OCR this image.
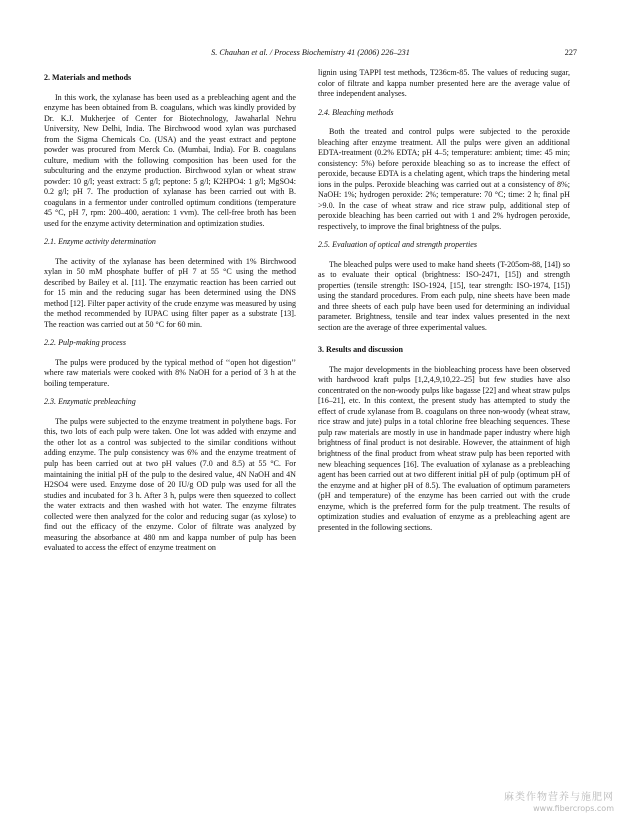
S. Chauhan et al. / Process Biochemistry 41 (2006) 226–231	227
2. Materials and methods

In this work, the xylanase has been used as a prebleaching agent and the enzyme has been obtained from B. coagulans, which was kindly provided by Dr. K.J. Mukherjee of Center for Biotechnology, Jawaharlal Nehru University, New Delhi, India. The Birchwood wood xylan was purchased from the Sigma Chemicals Co. (USA) and the yeast extract and peptone powder was procured from Merck Co. (Mumbai, India). For B. coagulans culture, medium with the following composition has been used for the subculturing and the enzyme production. Birchwood xylan or wheat straw powder: 10 g/l; yeast extract: 5 g/l; peptone: 5 g/l; K2HPO4: 1 g/l; MgSO4: 0.2 g/l; pH 7. The production of xylanase has been carried out with B. coagulans in a fermentor under controlled optimum conditions (temperature 45 °C, pH 7, rpm: 200–400, aeration: 1 vvm). The cell-free broth has been used for the enzyme activity determination and optimization studies.

2.1. Enzyme activity determination

The activity of the xylanase has been determined with 1% Birchwood xylan in 50 mM phosphate buffer of pH 7 at 55 °C using the method described by Bailey et al. [11]. The enzymatic reaction has been carried out for 15 min and the reducing sugar has been determined using the DNS method [12]. Filter paper activity of the crude enzyme was measured by using the method recommended by IUPAC using filter paper as a substrate [13]. The reaction was carried out at 50 °C for 60 min.

2.2. Pulp-making process

The pulps were produced by the typical method of ‘‘open hot digestion’’ where raw materials were cooked with 8% NaOH for a period of 3 h at the boiling temperature.

2.3. Enzymatic prebleaching

The pulps were subjected to the enzyme treatment in polythene bags. For this, two lots of each pulp were taken. One lot was added with enzyme and the other lot as a control was subjected to the similar conditions without adding enzyme. The pulp consistency was 6% and the enzyme treatment of pulp has been carried out at two pH values (7.0 and 8.5) at 55 °C. For maintaining the initial pH of the pulp to the desired value, 4N NaOH and 4N H2SO4 were used. Enzyme dose of 20 IU/g OD pulp was used for all the studies and incubated for 3 h. After 3 h, pulps were then squeezed to collect the water extracts and then washed with hot water. The enzyme filtrates collected were then analyzed for the color and reducing sugar (as xylose) to find out the efficacy of the enzyme. Color of filtrate was analyzed by measuring the absorbance at 480 nm and kappa number of pulp has been evaluated to access the effect of enzyme treatment on

lignin using TAPPI test methods, T236cm-85. The values of reducing sugar, color of filtrate and kappa number presented here are the average value of three independent analyses.

2.4. Bleaching methods

Both the treated and control pulps were subjected to the peroxide bleaching after enzyme treatment. All the pulps were given an additional EDTA-treatment (0.2% EDTA; pH 4–5; temperature: ambient; time: 45 min; consistency: 5%) before peroxide bleaching so as to increase the effect of peroxide, because EDTA is a chelating agent, which traps the hindering metal ions in the pulps. Peroxide bleaching was carried out at a consistency of 8%; NaOH: 1%; hydrogen peroxide: 2%; temperature: 70 °C; time: 2 h; final pH >9.0. In the case of wheat straw and rice straw pulp, additional step of peroxide bleaching has been carried out with 1 and 2% hydrogen peroxide, respectively, to improve the final brightness of the pulps.

2.5. Evaluation of optical and strength properties

The bleached pulps were used to make hand sheets (T-205om-88, [14]) so as to evaluate their optical (brightness: ISO-2471, [15]) and strength properties (tensile strength: ISO-1924, [15], tear strength: ISO-1974, [15]) using the standard procedures. From each pulp, nine sheets have been made and three sheets of each pulp have been used for determining an individual parameter. Brightness, tensile and tear index values presented in the next section are the average of three experimental values.

3. Results and discussion

The major developments in the biobleaching process have been observed with hardwood kraft pulps [1,2,4,9,10,22–25] but few studies have also concentrated on the non-woody pulps like bagasse [22] and wheat straw pulps [16–21], etc. In this context, the present study has attempted to study the effect of crude xylanase from B. coagulans on three non-woody (wheat straw, rice straw and jute) pulps in a total chlorine free bleaching sequences. These pulp raw materials are mostly in use in handmade paper industry where high brightness of final product is not desirable. However, the attainment of high brightness of the final product from wheat straw pulp has been reported with new bleaching sequences [16]. The evaluation of xylanase as a prebleaching agent has been carried out at two different initial pH of pulp (optimum pH of the enzyme and at higher pH of 8.5). The evaluation of optimum parameters (pH and temperature) of the enzyme has been carried out with the crude enzyme, which is the preferred form for the pulp treatment. The results of optimization studies and evaluation of enzyme as a prebleaching agent are presented in the following sections.

麻类作物营养与施肥网
www.fibercrops.com
